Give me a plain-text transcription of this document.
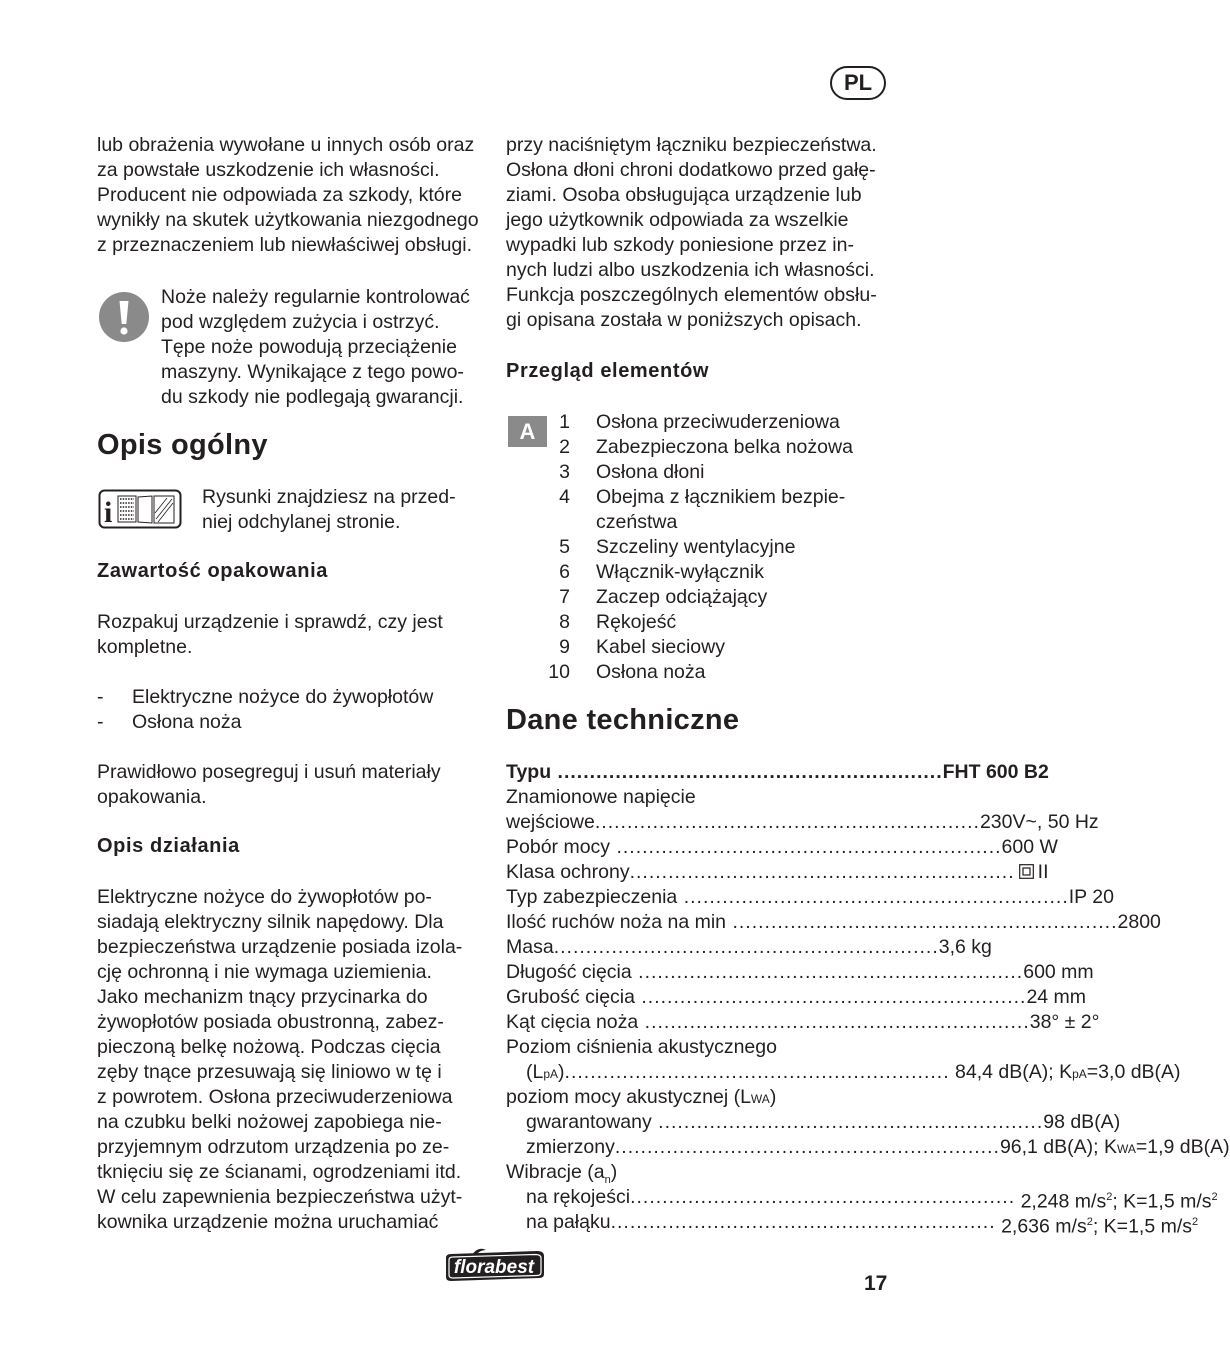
PL
lub obrażenia wywołane u innych osób oraz
za powstałe uszkodzenie ich własności.
Producent nie odpowiada za szkody, które
wynikły na skutek użytkowania niezgodnego
z przeznaczeniem lub niewłaściwej obsługi.
Noże należy regularnie kontrolować
pod względem zużycia i ostrzyć.
Tępe noże powodują przeciążenie
maszyny. Wynikające z tego powo-
du szkody nie podlegają gwarancji.
Opis ogólny
i	Rysunki znajdziesz na przed-
niej odchylanej stronie.
Zawartość opakowania
Rozpakuj urządzenie i sprawdź, czy jest
kompletne.
- Elektryczne nożyce do żywopłotów
- Osłona noża
Prawidłowo posegreguj i usuń materiały
opakowania.
Opis działania
Elektryczne nożyce do żywopłotów po-
siadają elektryczny silnik napędowy. Dla
bezpieczeństwa urządzenie posiada izola-
cję ochronną i nie wymaga uziemienia.
Jako mechanizm tnący przycinarka do
żywopłotów posiada obustronną, zabez-
pieczoną belkę nożową. Podczas cięcia
zęby tnące przesuwają się liniowo w tę i
z powrotem. Osłona przeciwuderzeniowa
na czubku belki nożowej zapobiega nie-
przyjemnym odrzutom urządzenia po ze-
tknięciu się ze ścianami, ogrodzeniami itd.
W celu zapewnienia bezpieczeństwa użyt-
kownika urządzenie można uruchamiać
przy naciśniętym łączniku bezpieczeństwa.
Osłona dłoni chroni dodatkowo przed gałę-
ziami. Osoba obsługująca urządzenie lub
jego użytkownik odpowiada za wszelkie
wypadki lub szkody poniesione przez in-
nych ludzi albo uszkodzenia ich własności.
Funkcja poszczególnych elementów obsłu-
gi opisana została w poniższych opisach.
Przegląd elementów
A	1 Osłona przeciwuderzeniowa
2 Zabezpieczona belka nożowa
3 Osłona dłoni
4 Obejma z łącznikiem bezpie-
czeństwa
5 Szczeliny wentylacyjne
6 Włącznik-wyłącznik
7 Zaczep odciążający
8 Rękojeść
9 Kabel sieciowy
10 Osłona noża
Dane techniczne
Typu ............................................................ FHT 600 B2
Znamionowe napięcie
wejściowe ............................................................ 230V~, 50 Hz
Pobór mocy ............................................................ 600 W
Klasa ochrony ............................................................	II
Typ zabezpieczenia ............................................................ IP 20
Ilość ruchów noża na min ............................................................ 2800
Masa ............................................................ 3,6 kg
Długość cięcia ............................................................ 600 mm
Grubość cięcia ............................................................ 24 mm
Kąt cięcia noża ............................................................ 38° ± 2°
Poziom ciśnienia akustycznego
(LpA) ............................................................ 84,4 dB(A); KpA=3,0 dB(A)
poziom mocy akustycznej (LWA)
gwarantowany ............................................................ 98 dB(A)
zmierzony ............................................................ 96,1 dB(A); KWA=1,9 dB(A)
Wibracje $(a_n)$
na rękojeści ............................................................ 2,248 $m/s^2$; K=1,5 $m/s^2$
na pałąku ............................................................ 2,636 $m/s^2$; K=1,5 $m/s^2$
florabest
17
